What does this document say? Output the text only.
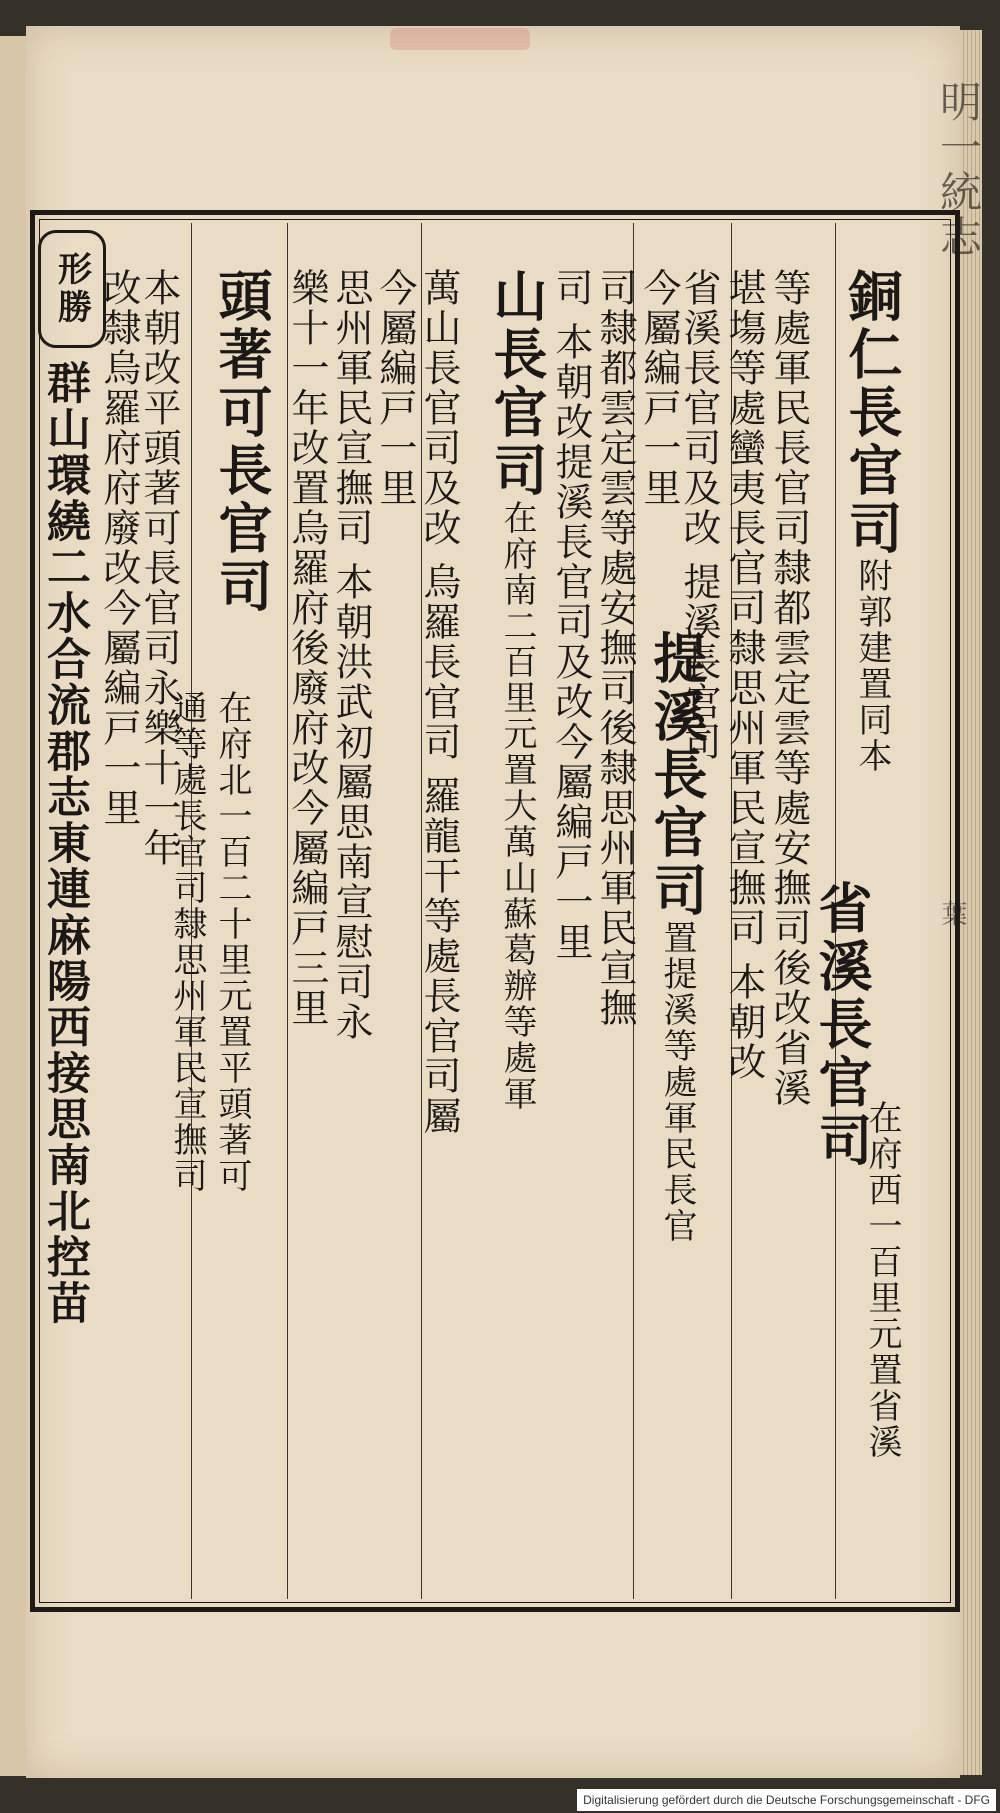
明一統志
葉
形勝	銅仁長官司附郭建置同本
等處軍民長官司隸都雲定雲等處安撫司後改省溪
堪塲等處蠻夷長官司隸思州軍民宣撫司 本朝改 省溪長官司
在府西一百里元置省溪
省溪長官司及改 提溪長官司
今屬編戸一里
司隸都雲定雲等處安撫司後隸思州軍民宣撫
司 本朝改提溪長官司及改今屬編戸一里 提溪長官司置提溪等處軍民長官
山長官司在府南二百里元置大萬山蘇葛辦等處軍
萬山長官司及改 烏羅長官司 羅龍干等處長官司屬
今屬編戸一里
思州軍民宣撫司 本朝洪武初屬思南宣慰司永
樂十一年改置烏羅府後廢府改今屬編戸三里
頭著可長官司
在府北一百二十里元置平頭著可
通等處長官司隸思州軍民宣撫司
本朝改平頭著可長官司永樂十一年
改隸烏羅府府廢改今屬編戸一里
群山環繞二水合流郡志東連麻陽西接思南北控苗
Digitalisierung gefördert durch die Deutsche Forschungsgemeinschaft - DFG
